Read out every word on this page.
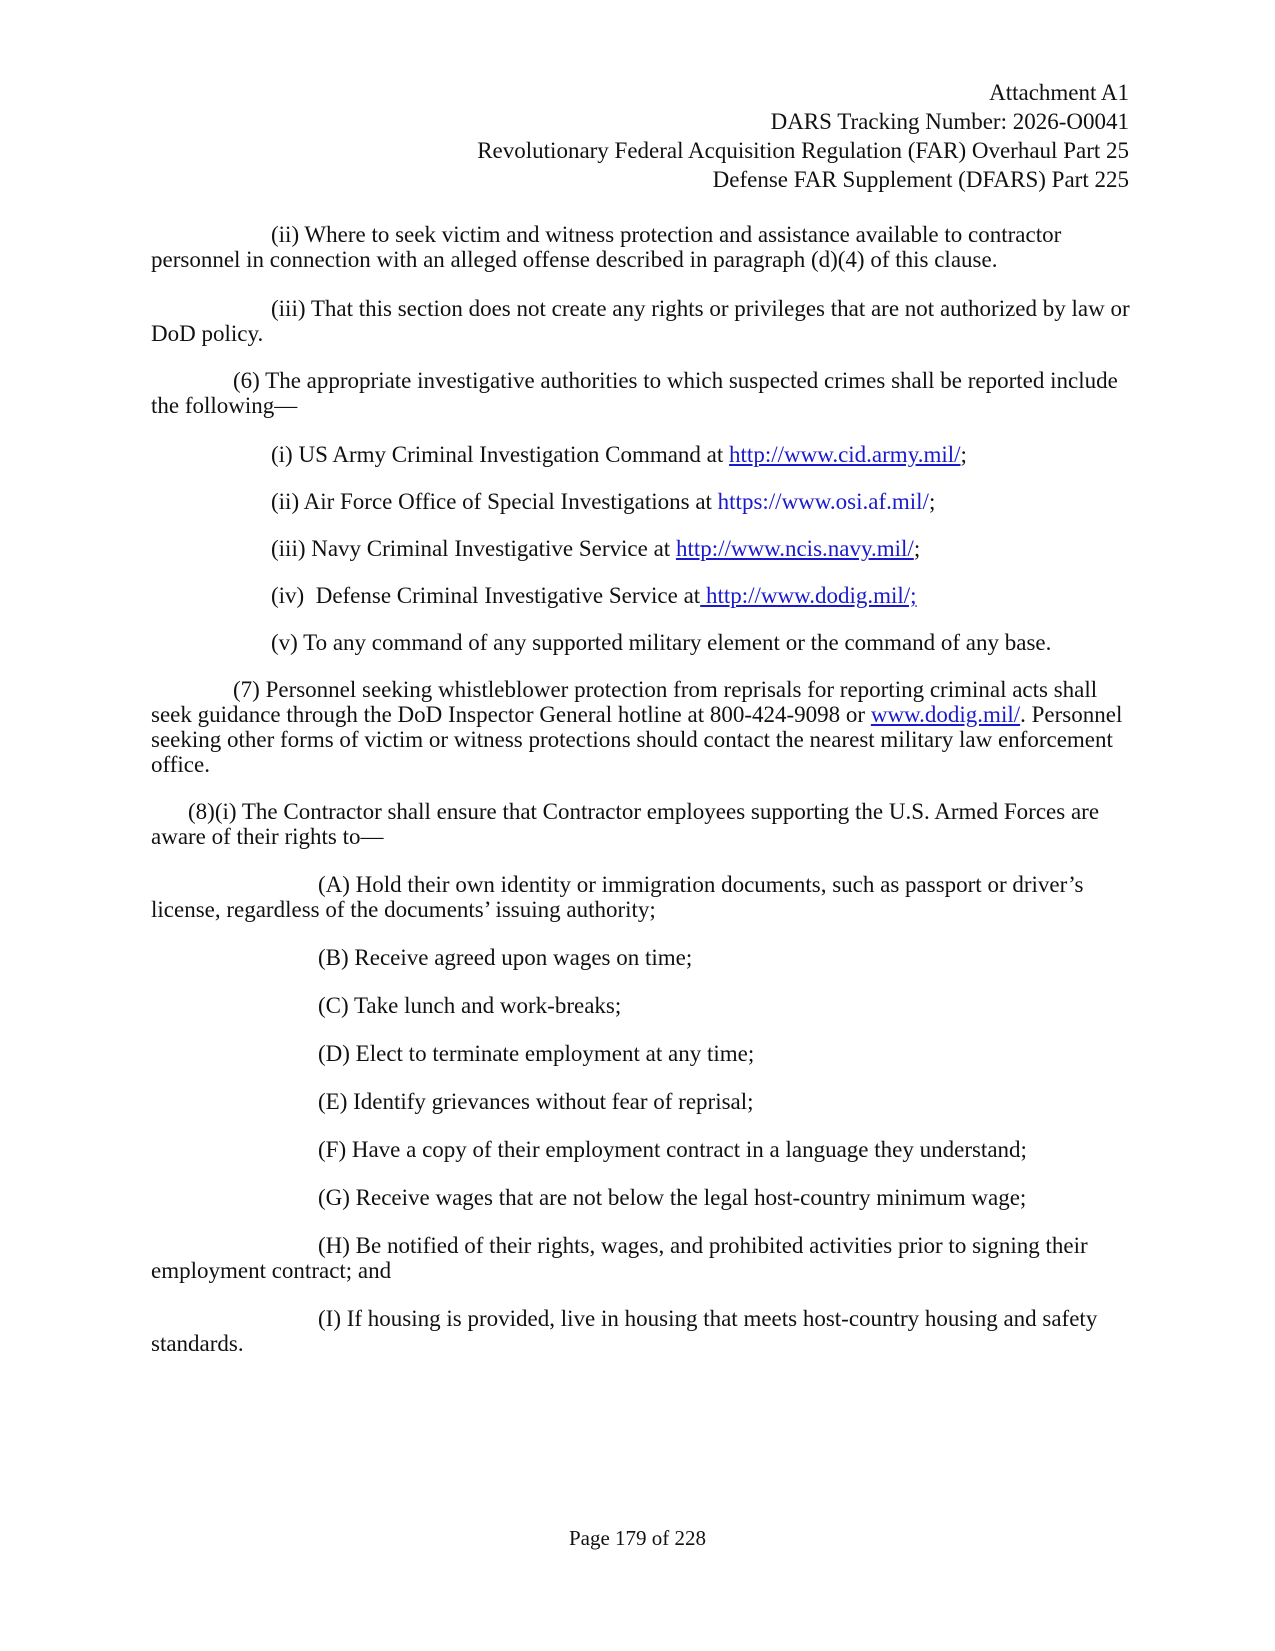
Attachment A1
DARS Tracking Number: 2026-O0041
Revolutionary Federal Acquisition Regulation (FAR) Overhaul Part 25
Defense FAR Supplement (DFARS) Part 225

(ii) Where to seek victim and witness protection and assistance available to contractor personnel in connection with an alleged offense described in paragraph (d)(4) of this clause.

(iii) That this section does not create any rights or privileges that are not authorized by law or DoD policy.

(6) The appropriate investigative authorities to which suspected crimes shall be reported include the following—

(i) US Army Criminal Investigation Command at http://www.cid.army.mil/;

(ii) Air Force Office of Special Investigations at https://www.osi.af.mil/;

(iii) Navy Criminal Investigative Service at http://www.ncis.navy.mil/;

(iv)  Defense Criminal Investigative Service at http://www.dodig.mil/;

(v) To any command of any supported military element or the command of any base.

(7) Personnel seeking whistleblower protection from reprisals for reporting criminal acts shall seek guidance through the DoD Inspector General hotline at 800-424-9098 or www.dodig.mil/. Personnel seeking other forms of victim or witness protections should contact the nearest military law enforcement office.

(8)(i) The Contractor shall ensure that Contractor employees supporting the U.S. Armed Forces are aware of their rights to—

(A) Hold their own identity or immigration documents, such as passport or driver’s license, regardless of the documents’ issuing authority;

(B) Receive agreed upon wages on time;

(C) Take lunch and work-breaks;

(D) Elect to terminate employment at any time;

(E) Identify grievances without fear of reprisal;

(F) Have a copy of their employment contract in a language they understand;

(G) Receive wages that are not below the legal host-country minimum wage;

(H) Be notified of their rights, wages, and prohibited activities prior to signing their employment contract; and

(I) If housing is provided, live in housing that meets host-country housing and safety standards.

Page 179 of 228
